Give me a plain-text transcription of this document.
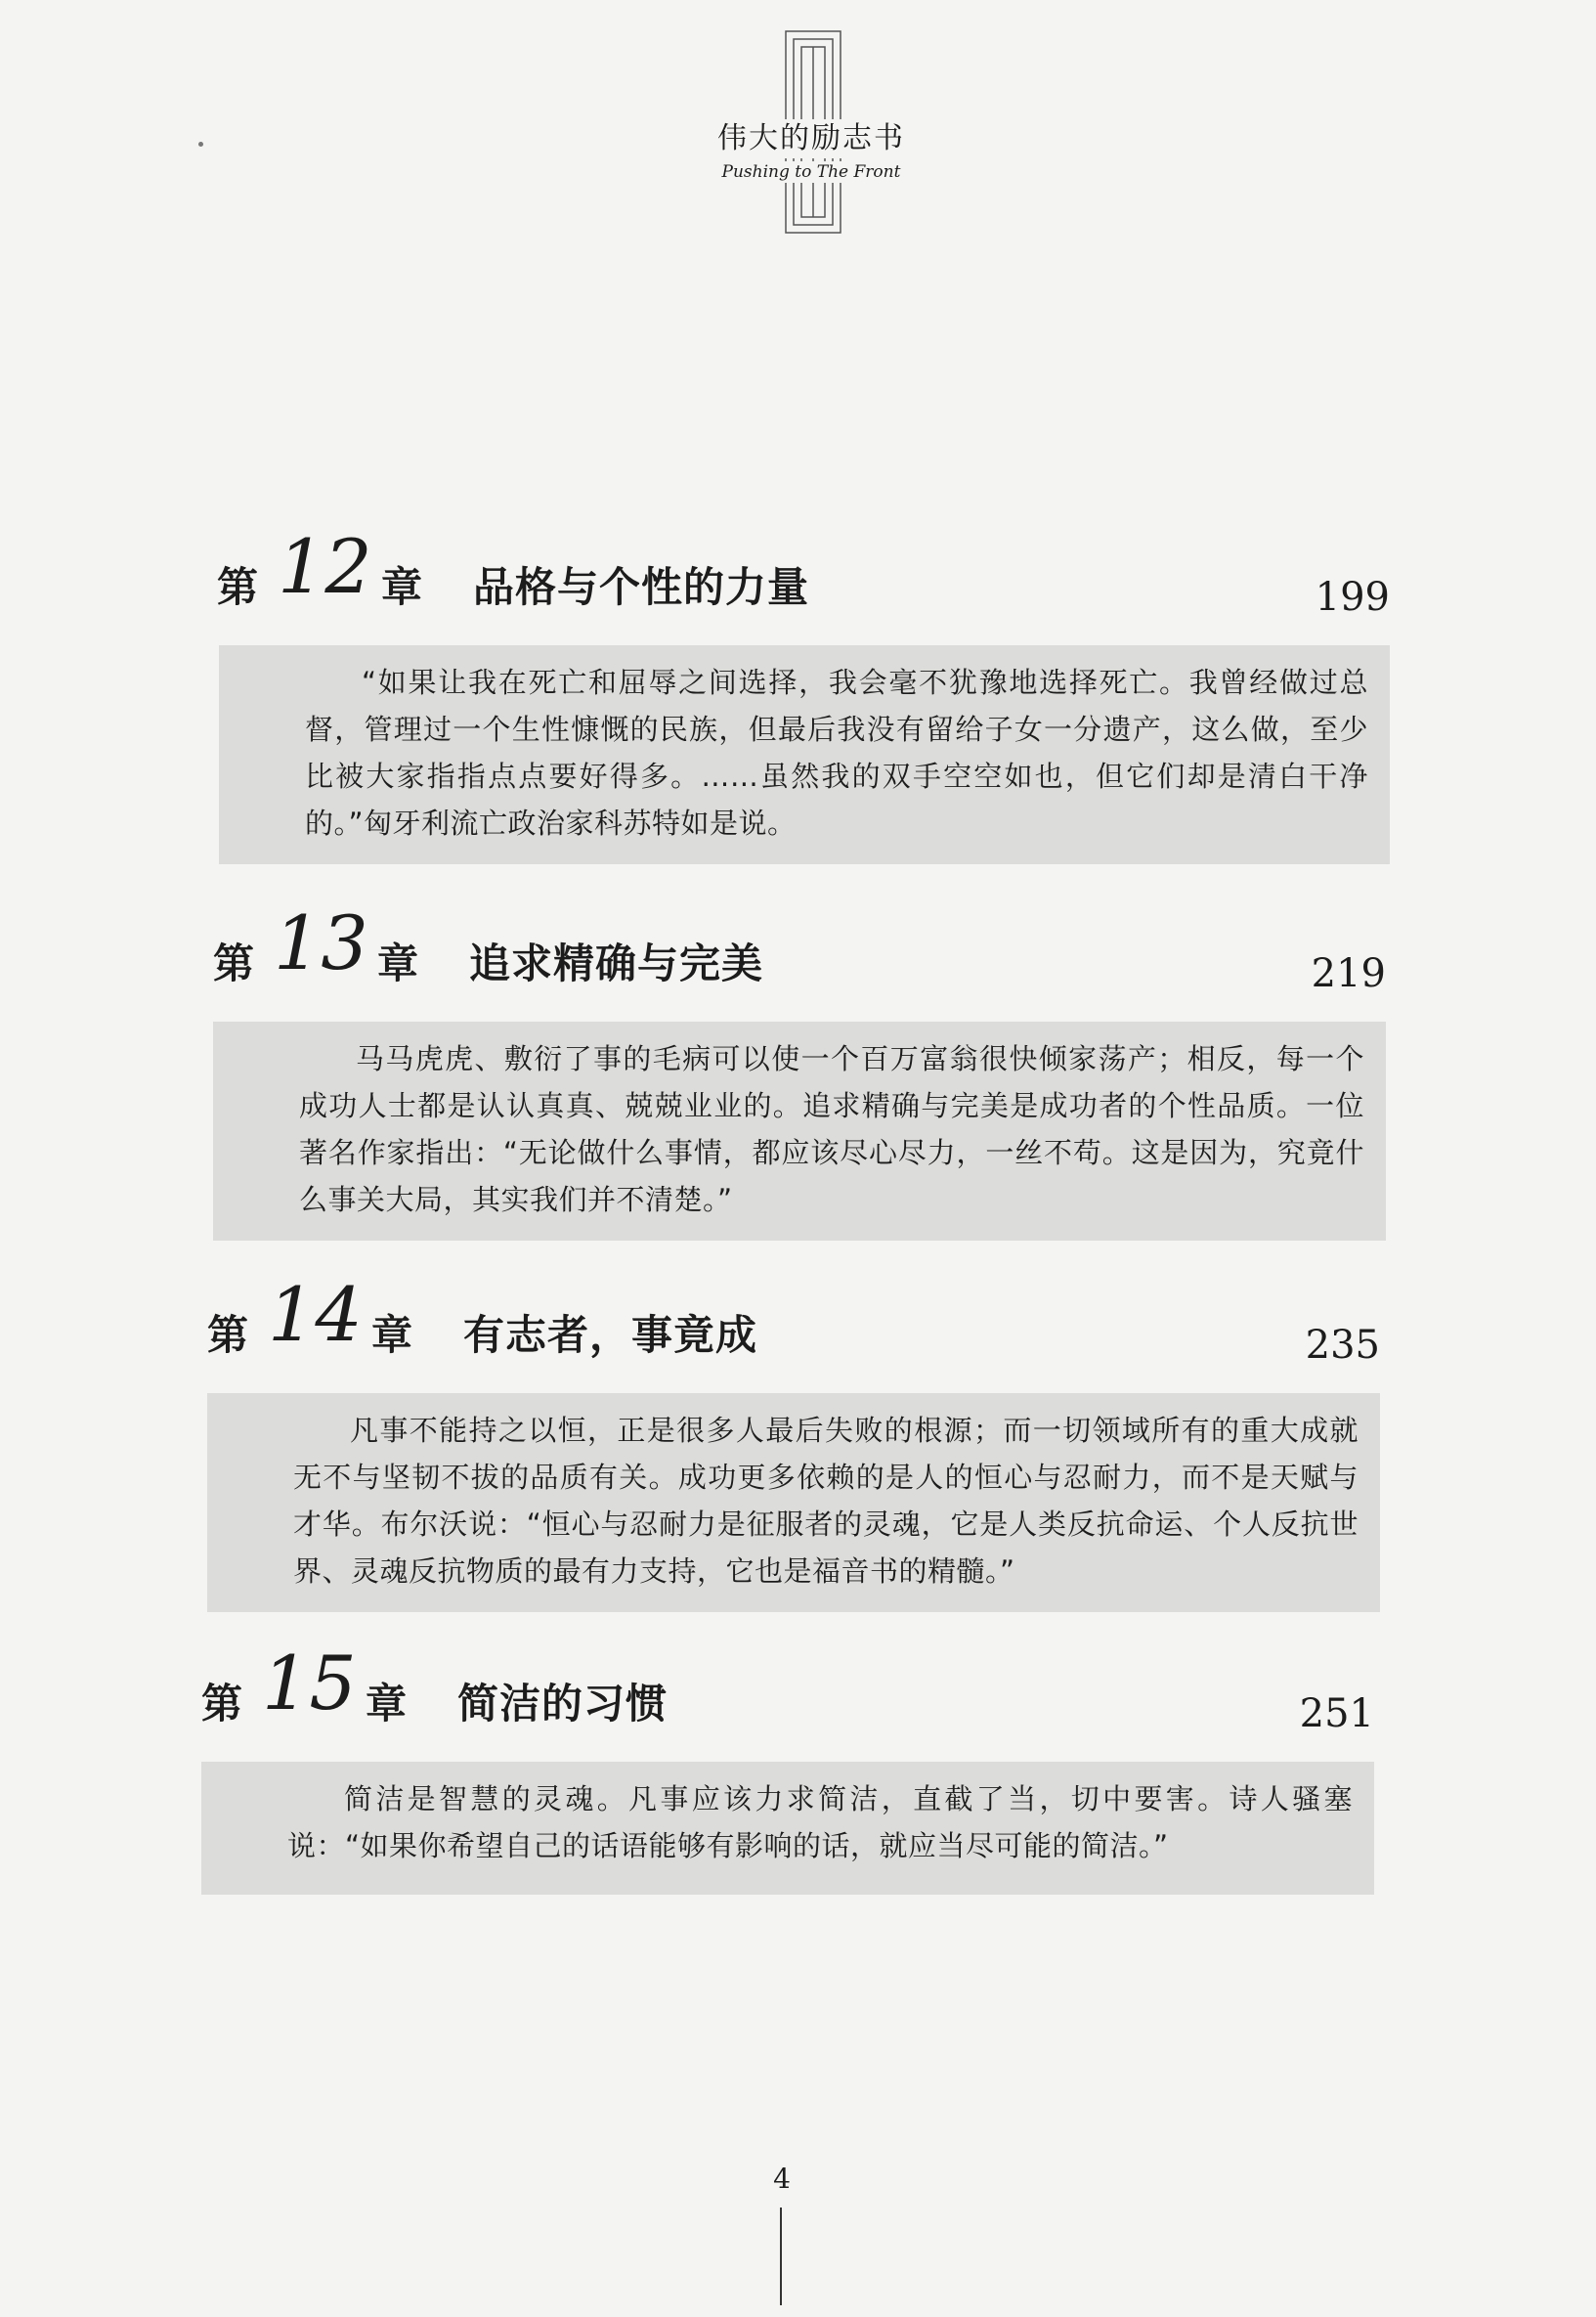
伟大的励志书
Pushing to The Front
第 12 章 品格与个性的力量	199
“如果让我在死亡和屈辱之间选择，我会毫不犹豫地选择死亡。我曾经做过总督，管理过一个生性慷慨的民族，但最后我没有留给子女一分遗产，这么做，至少比被大家指指点点要好得多。……虽然我的双手空空如也，但它们却是清白干净的。”匈牙利流亡政治家科苏特如是说。
第 13 章 追求精确与完美	219
马马虎虎、敷衍了事的毛病可以使一个百万富翁很快倾家荡产；相反，每一个成功人士都是认认真真、兢兢业业的。追求精确与完美是成功者的个性品质。一位著名作家指出：“无论做什么事情，都应该尽心尽力，一丝不苟。这是因为，究竟什么事关大局，其实我们并不清楚。”
第 14 章 有志者，事竟成	235
凡事不能持之以恒，正是很多人最后失败的根源；而一切领域所有的重大成就无不与坚韧不拔的品质有关。成功更多依赖的是人的恒心与忍耐力，而不是天赋与才华。布尔沃说：“恒心与忍耐力是征服者的灵魂，它是人类反抗命运、个人反抗世界、灵魂反抗物质的最有力支持，它也是福音书的精髓。”
第 15 章 简洁的习惯	251
简洁是智慧的灵魂。凡事应该力求简洁，直截了当，切中要害。诗人骚塞说：“如果你希望自己的话语能够有影响的话，就应当尽可能的简洁。”
4
